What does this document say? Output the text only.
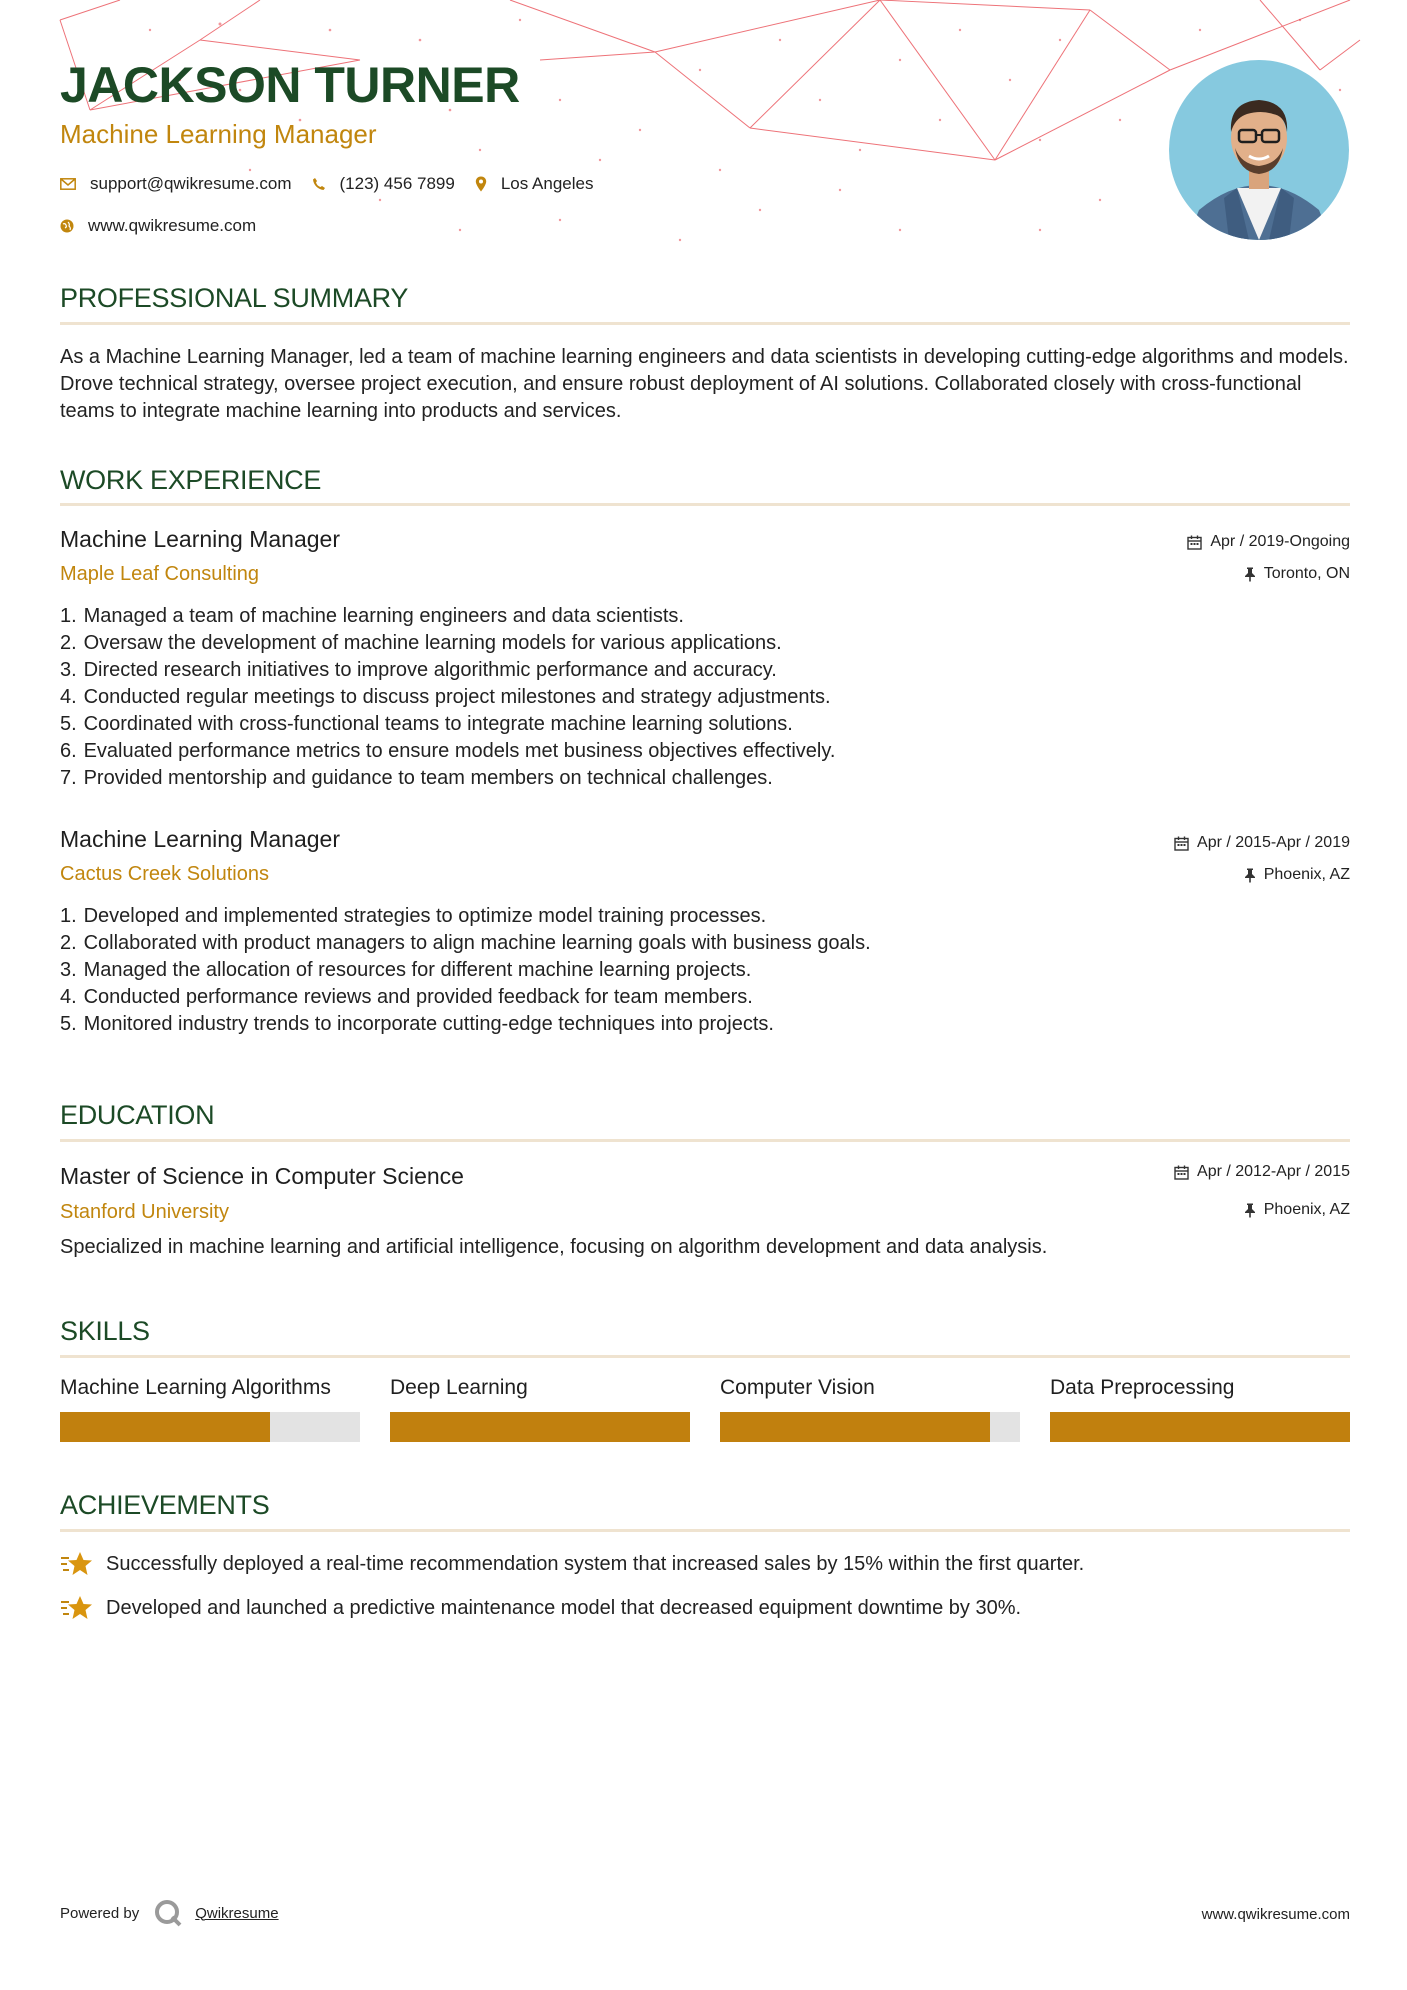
JACKSON TURNER
Machine Learning Manager
support@qwikresume.com	(123) 456 7899	Los Angeles
www.qwikresume.com
PROFESSIONAL SUMMARY

As a Machine Learning Manager, led a team of machine learning engineers and data scientists in developing cutting-edge algorithms and models. Drove technical strategy, oversee project execution, and ensure robust deployment of AI solutions. Collaborated closely with cross-functional teams to integrate machine learning into products and services.

WORK EXPERIENCE
Machine Learning Manager
Maple Leaf Consulting
Apr / 2019-Ongoing
Toronto, ON
1. Managed a team of machine learning engineers and data scientists.
2. Oversaw the development of machine learning models for various applications.
3. Directed research initiatives to improve algorithmic performance and accuracy.
4. Conducted regular meetings to discuss project milestones and strategy adjustments.
5. Coordinated with cross-functional teams to integrate machine learning solutions.
6. Evaluated performance metrics to ensure models met business objectives effectively.
7. Provided mentorship and guidance to team members on technical challenges.
Machine Learning Manager
Cactus Creek Solutions
Apr / 2015-Apr / 2019
Phoenix, AZ
1. Developed and implemented strategies to optimize model training processes.
2. Collaborated with product managers to align machine learning goals with business goals.
3. Managed the allocation of resources for different machine learning projects.
4. Conducted performance reviews and provided feedback for team members.
5. Monitored industry trends to incorporate cutting-edge techniques into projects.
EDUCATION
Master of Science in Computer Science
Stanford University
Apr / 2012-Apr / 2015
Phoenix, AZ
Specialized in machine learning and artificial intelligence, focusing on algorithm development and data analysis.
SKILLS
Machine Learning Algorithms	Deep Learning	Computer Vision	Data Preprocessing
ACHIEVEMENTS
Successfully deployed a real-time recommendation system that increased sales by 15% within the first quarter.
Developed and launched a predictive maintenance model that decreased equipment downtime by 30%.
Powered by	Qwikresume	www.qwikresume.com
